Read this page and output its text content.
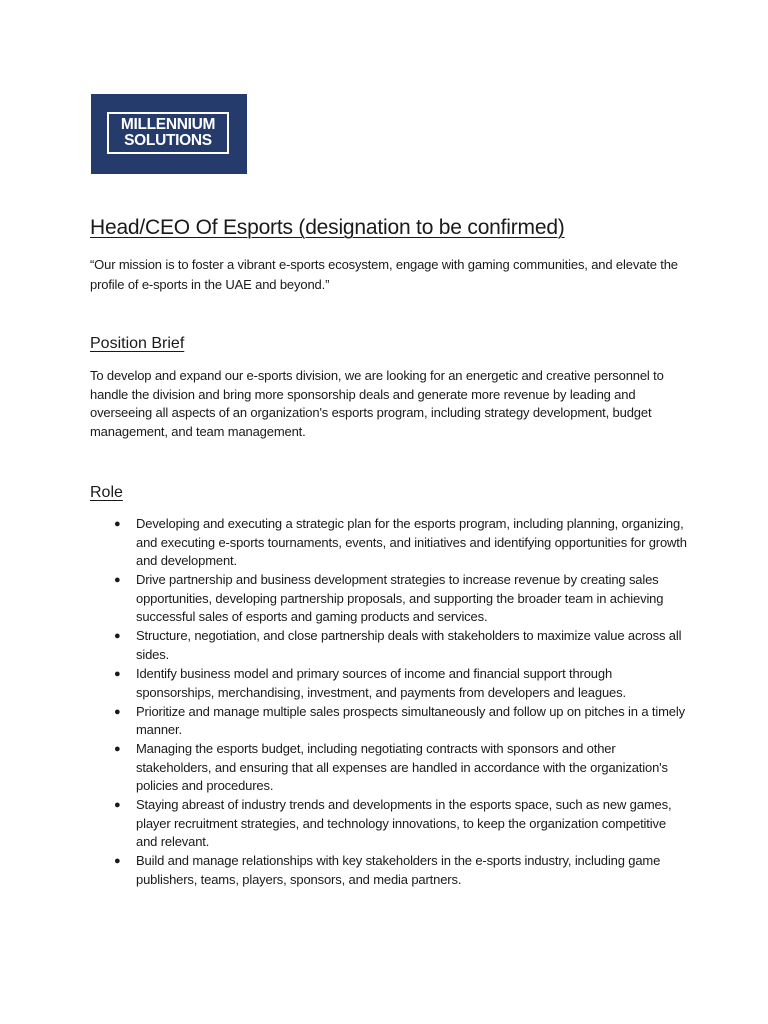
MILLENNIUM
SOLUTIONS
Head/CEO Of Esports (designation to be confirmed)
“Our mission is to foster a vibrant e-sports ecosystem, engage with gaming communities, and elevate the profile of e-sports in the UAE and beyond.”
Position Brief
To develop and expand our e-sports division, we are looking for an energetic and creative personnel to handle the division and bring more sponsorship deals and generate more revenue by leading and overseeing all aspects of an organization's esports program, including strategy development, budget management, and team management.
Role
● Developing and executing a strategic plan for the esports program, including planning, organizing, and executing e-sports tournaments, events, and initiatives and identifying opportunities for growth and development.
● Drive partnership and business development strategies to increase revenue by creating sales opportunities, developing partnership proposals, and supporting the broader team in achieving successful sales of esports and gaming products and services.
● Structure, negotiation, and close partnership deals with stakeholders to maximize value across all sides.
● Identify business model and primary sources of income and financial support through sponsorships, merchandising, investment, and payments from developers and leagues.
● Prioritize and manage multiple sales prospects simultaneously and follow up on pitches in a timely manner.
● Managing the esports budget, including negotiating contracts with sponsors and other stakeholders, and ensuring that all expenses are handled in accordance with the organization's policies and procedures.
● Staying abreast of industry trends and developments in the esports space, such as new games, player recruitment strategies, and technology innovations, to keep the organization competitive and relevant.
● Build and manage relationships with key stakeholders in the e-sports industry, including game publishers, teams, players, sponsors, and media partners.
